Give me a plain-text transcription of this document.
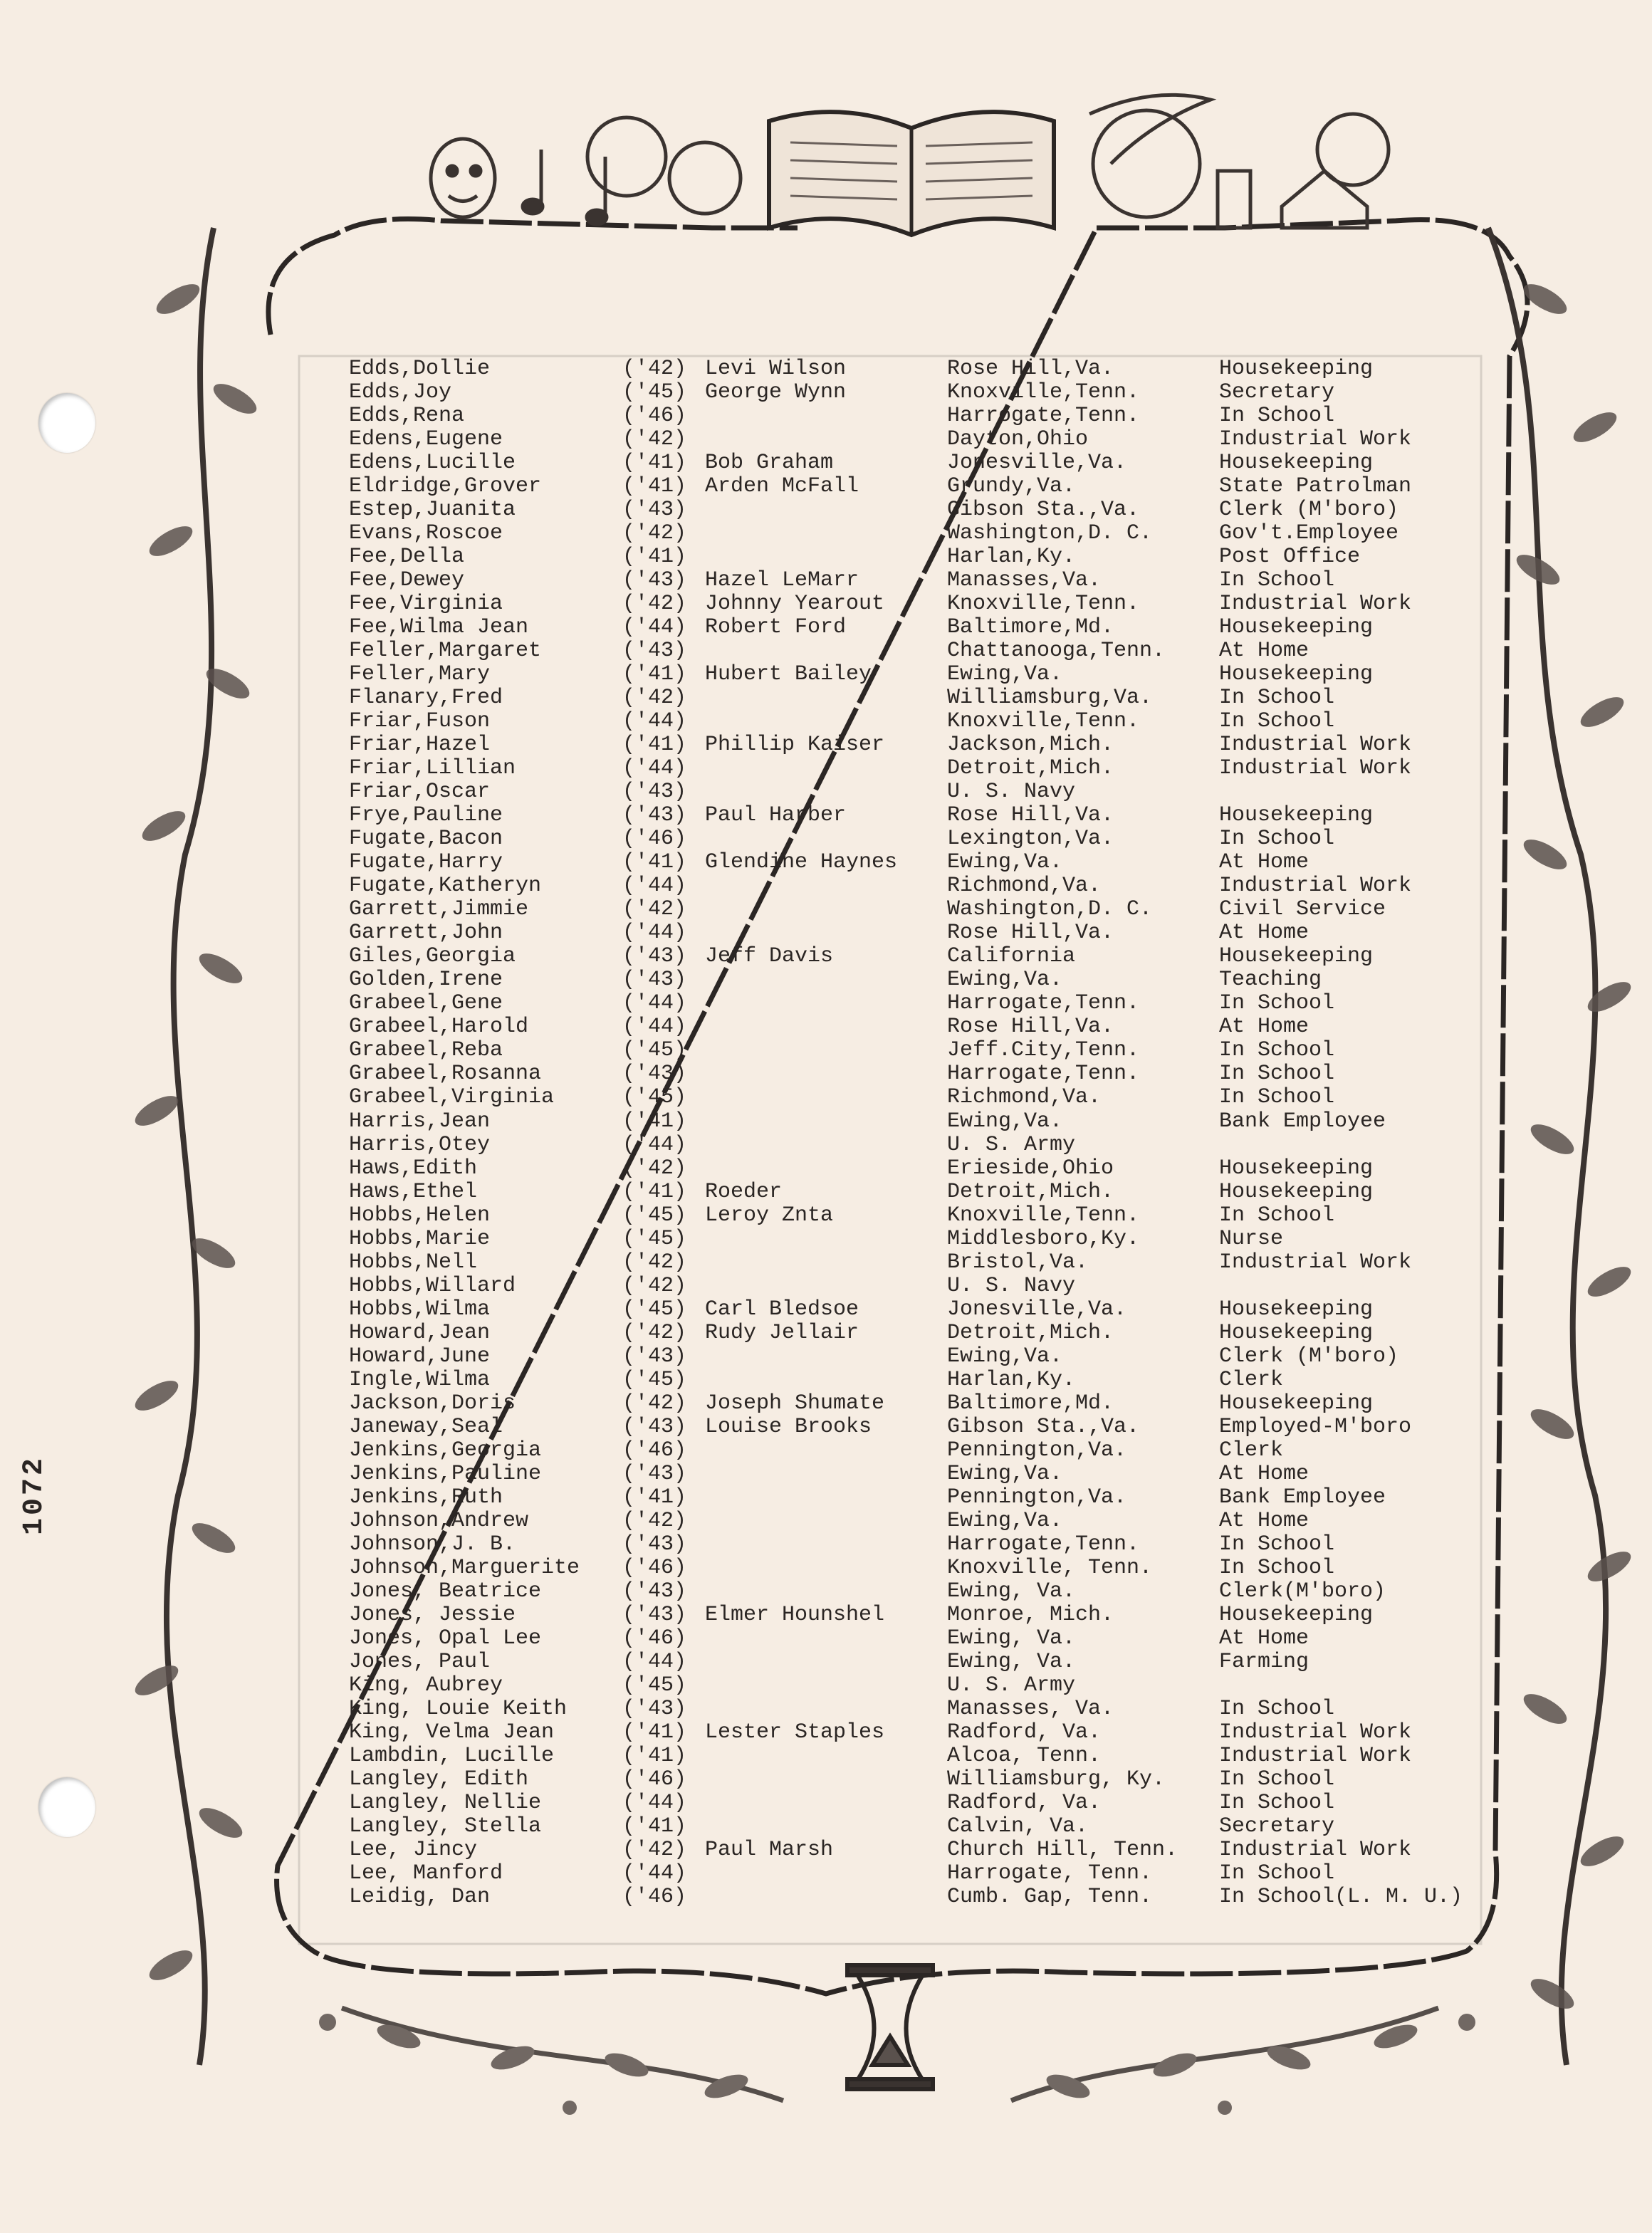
1072
Edds,Dollie	('42) Levi Wilson	Rose Hill,Va.	Housekeeping
Edds,Joy	('45) George Wynn	Knoxville,Tenn.	Secretary
Edds,Rena	('46)	Harrogate,Tenn.	In School
Edens,Eugene	('42)	Dayton,Ohio	Industrial Work
Edens,Lucille	('41) Bob Graham	Jonesville,Va.	Housekeeping
Eldridge,Grover	('41) Arden McFall	Grundy,Va.	State Patrolman
Estep,Juanita	('43)	Gibson Sta.,Va.	Clerk (M'boro)
Evans,Roscoe	('42)	Washington,D. C.	Gov't.Employee
Fee,Della	('41)	Harlan,Ky.	Post Office
Fee,Dewey	('43) Hazel LeMarr	Manasses,Va.	In School
Fee,Virginia	('42) Johnny Yearout	Knoxville,Tenn.	Industrial Work
Fee,Wilma Jean	('44) Robert Ford	Baltimore,Md.	Housekeeping
Feller,Margaret	('43)	Chattanooga,Tenn.	At Home
Feller,Mary	('41) Hubert Bailey	Ewing,Va.	Housekeeping
Flanary,Fred	('42)	Williamsburg,Va.	In School
Friar,Fuson	('44)	Knoxville,Tenn.	In School
Friar,Hazel	('41) Phillip Kaiser	Jackson,Mich.	Industrial Work
Friar,Lillian	('44)	Detroit,Mich.	Industrial Work
Friar,Oscar	('43)	U. S. Navy
Frye,Pauline	('43) Paul Harber	Rose Hill,Va.	Housekeeping
Fugate,Bacon	('46)	Lexington,Va.	In School
Fugate,Harry	('41) Glendine Haynes	Ewing,Va.	At Home
Fugate,Katheryn	('44)	Richmond,Va.	Industrial Work
Garrett,Jimmie	('42)	Washington,D. C.	Civil Service
Garrett,John	('44)	Rose Hill,Va.	At Home
Giles,Georgia	('43) Jeff Davis	California	Housekeeping
Golden,Irene	('43)	Ewing,Va.	Teaching
Grabeel,Gene	('44)	Harrogate,Tenn.	In School
Grabeel,Harold	('44)	Rose Hill,Va.	At Home
Grabeel,Reba	('45)	Jeff.City,Tenn.	In School
Grabeel,Rosanna	('43)	Harrogate,Tenn.	In School
Grabeel,Virginia	('45)	Richmond,Va.	In School
Harris,Jean	('41)	Ewing,Va.	Bank Employee
Harris,Otey	('44)	U. S. Army
Haws,Edith	('42)	Erieside,Ohio	Housekeeping
Haws,Ethel	('41) Roeder	Detroit,Mich.	Housekeeping
Hobbs,Helen	('45) Leroy Znta	Knoxville,Tenn.	In School
Hobbs,Marie	('45)	Middlesboro,Ky.	Nurse
Hobbs,Nell	('42)	Bristol,Va.	Industrial Work
Hobbs,Willard	('42)	U. S. Navy
Hobbs,Wilma	('45) Carl Bledsoe	Jonesville,Va.	Housekeeping
Howard,Jean	('42) Rudy Jellair	Detroit,Mich.	Housekeeping
Howard,June	('43)	Ewing,Va.	Clerk (M'boro)
Ingle,Wilma	('45)	Harlan,Ky.	Clerk
Jackson,Doris	('42) Joseph Shumate	Baltimore,Md.	Housekeeping
Janeway,Seal	('43) Louise Brooks	Gibson Sta.,Va.	Employed-M'boro
Jenkins,Georgia	('46)	Pennington,Va.	Clerk
Jenkins,Pauline	('43)	Ewing,Va.	At Home
Jenkins,Ruth	('41)	Pennington,Va.	Bank Employee
Johnson,Andrew	('42)	Ewing,Va.	At Home
Johnson,J. B.	('43)	Harrogate,Tenn.	In School
Johnson,Marguerite	('46)	Knoxville, Tenn.	In School
Jones, Beatrice	('43)	Ewing, Va.	Clerk(M'boro)
Jones, Jessie	('43) Elmer Hounshel	Monroe, Mich.	Housekeeping
Jones, Opal Lee	('46)	Ewing, Va.	At Home
Jones, Paul	('44)	Ewing, Va.	Farming
King, Aubrey	('45)	U. S. Army
King, Louie Keith	('43)	Manasses, Va.	In School
King, Velma Jean	('41) Lester Staples	Radford, Va.	Industrial Work
Lambdin, Lucille	('41)	Alcoa, Tenn.	Industrial Work
Langley, Edith	('46)	Williamsburg, Ky.	In School
Langley, Nellie	('44)	Radford, Va.	In School
Langley, Stella	('41)	Calvin, Va.	Secretary
Lee, Jincy	('42) Paul Marsh	Church Hill, Tenn.	Industrial Work
Lee, Manford	('44)	Harrogate, Tenn.	In School
Leidig, Dan	('46)	Cumb. Gap, Tenn.	In School(L. M. U.)
